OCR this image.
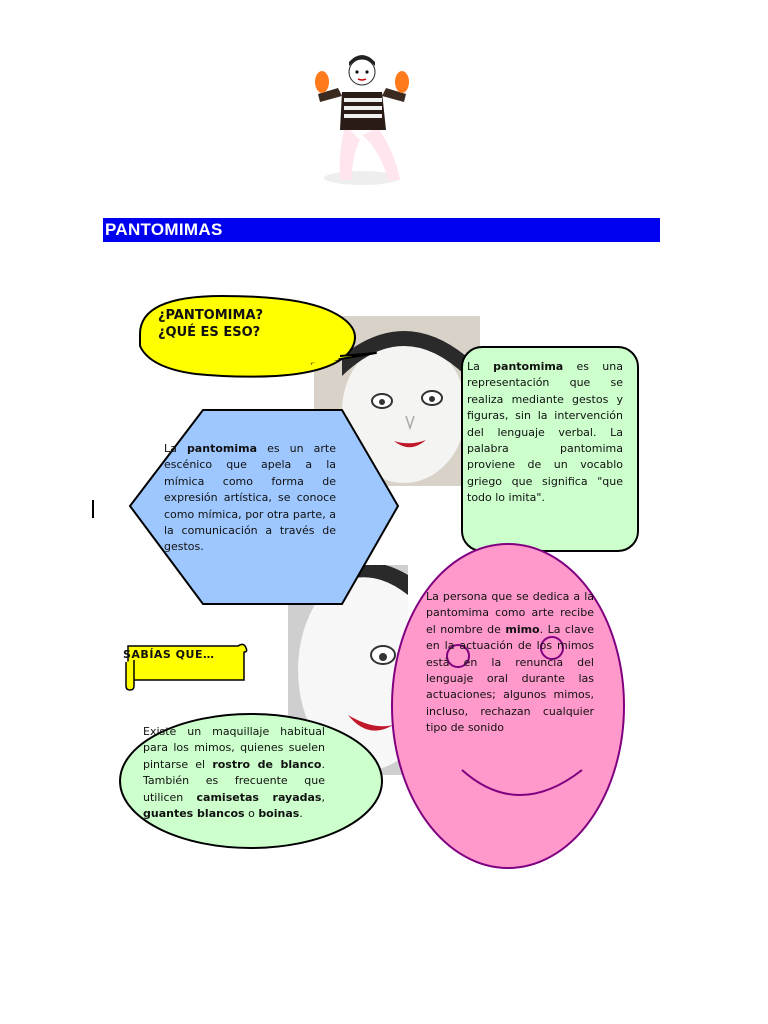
PANTOMIMAS
¿PANTOMIMA?
¿QUÉ ES ESO?
La pantomima es un arte escénico que apela a la mímica como forma de expresión artística, se conoce como mímica, por otra parte, a la comunicación a través de gestos.
La pantomima es una representación que se realiza mediante gestos y figuras, sin la intervención del lenguaje verbal. La palabra pantomima proviene de un vocablo griego que significa "que todo lo imita".
La persona que se dedica a la pantomima como arte recibe el nombre de mimo. La clave en la actuación de los mimos está en la renuncia del lenguaje oral durante las actuaciones; algunos mimos, incluso, rechazan cualquier tipo de sonido
SABÍAS QUE…
Existe un maquillaje habitual para los mimos, quienes suelen pintarse el rostro de blanco. También es frecuente que utilicen camisetas rayadas, guantes blancos o boinas.
